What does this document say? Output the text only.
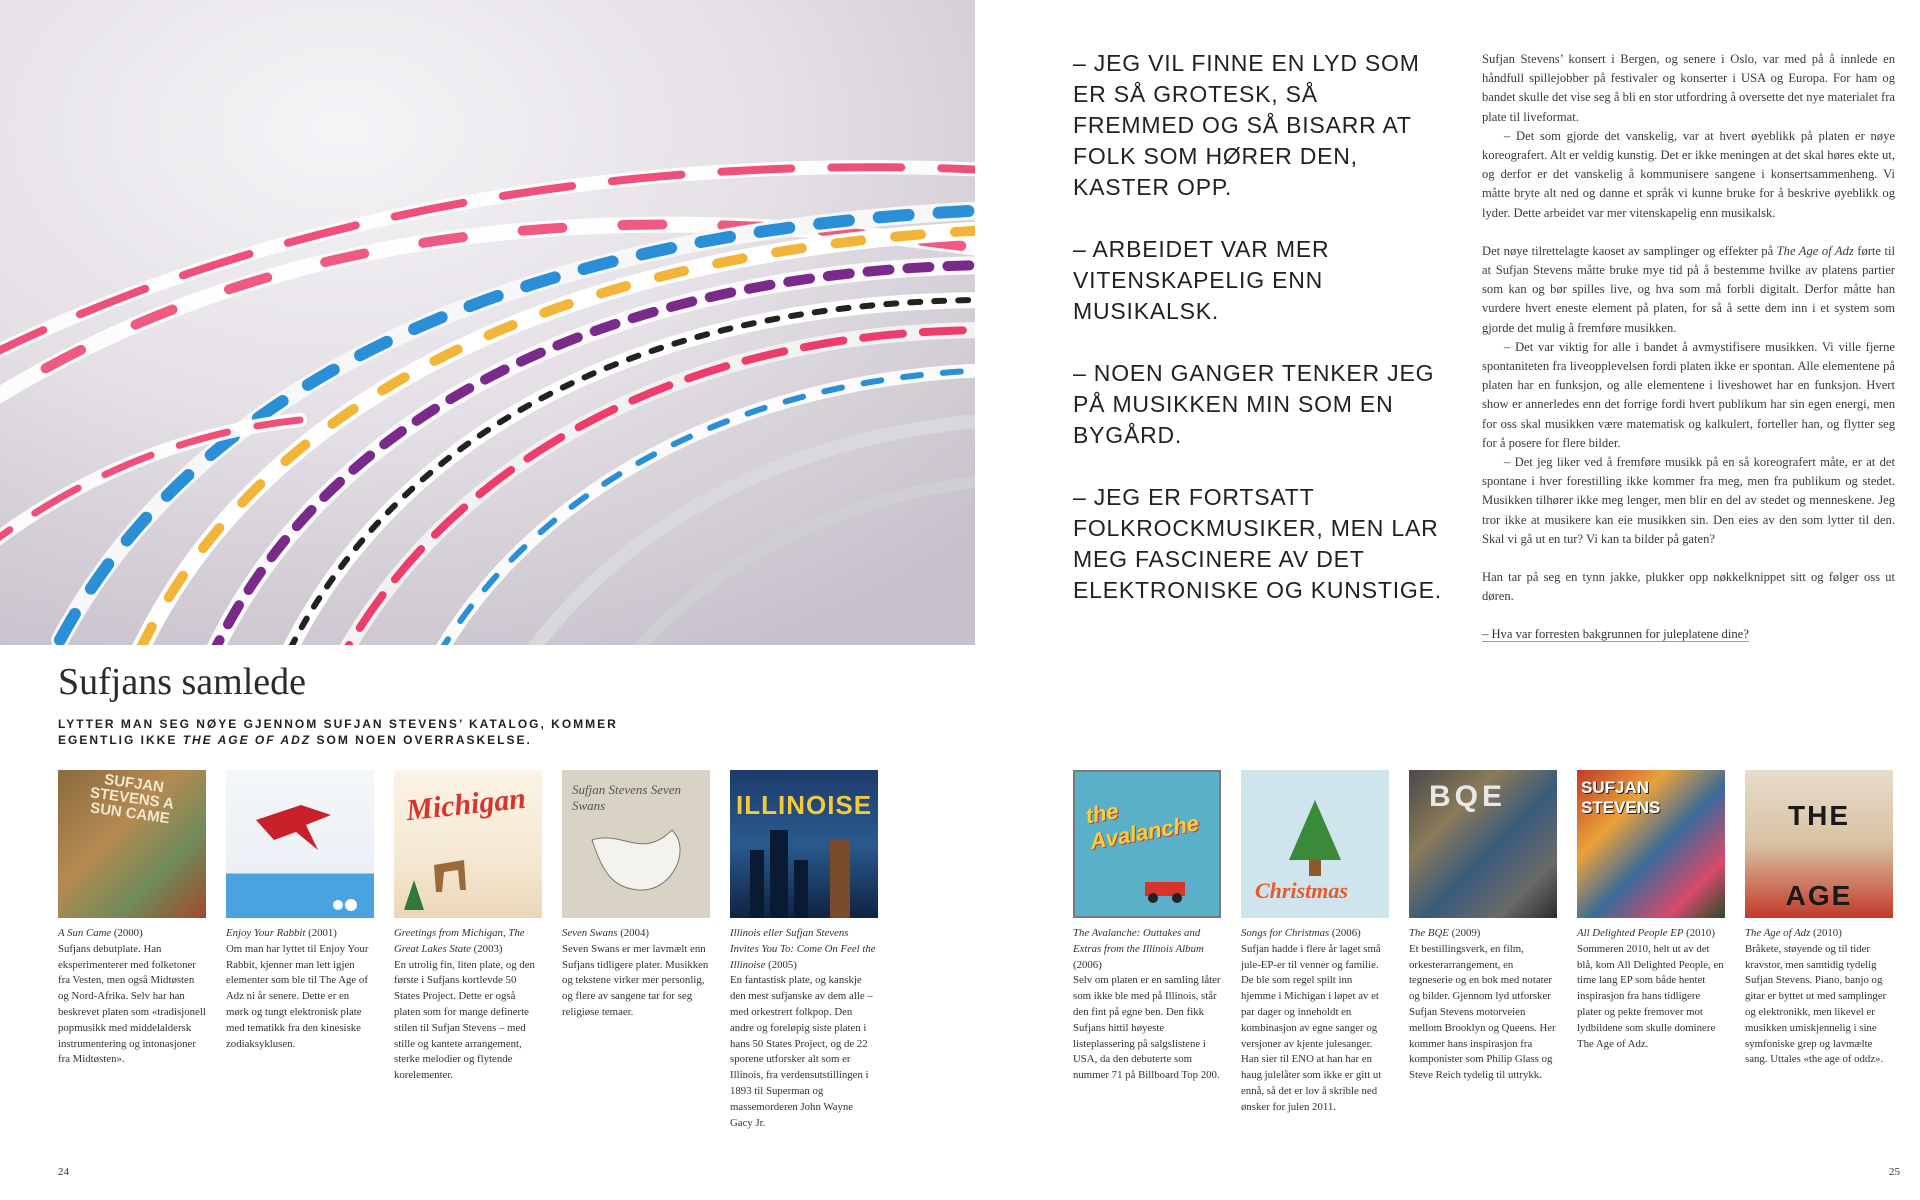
Sufjans samlede
LYTTER MAN SEG NØYE GJENNOM SUFJAN STEVENS’ KATALOG, KOMMER EGENTLIG IKKE THE AGE OF ADZ SOM NOEN OVERRASKELSE.
SUFJAN STEVENS A SUN CAME
A Sun Came (2000)
Sufjans debutplate. Han eksperimenterer med folketoner fra Vesten, men også Midtøsten og Nord-Afrika. Selv har han beskrevet platen som «tradisjonell popmusikk med middelaldersk instrumentering og intonasjoner fra Midtøsten».
Enjoy Your Rabbit (2001)
Om man har lyttet til Enjoy Your Rabbit, kjenner man lett igjen elementer som ble til The Age of Adz ni år senere. Dette er en mørk og tungt elektronisk plate med tematikk fra den kinesiske zodiaksyklusen.
Michigan
Greetings from Michigan, The Great Lakes State (2003)
En utrolig fin, liten plate, og den første i Sufjans kortlevde 50 States Project. Dette er også platen som for mange definerte stilen til Sufjan Stevens – med stille og kantete arrangement, sterke melodier og flytende korelementer.
Sufjan Stevens Seven Swans
Seven Swans (2004)
Seven Swans er mer lavmælt enn Sufjans tidligere plater. Musikken og tekstene virker mer personlig, og flere av sangene tar for seg religiøse temaer.
ILLINOISE
Illinois eller Sufjan Stevens Invites You To: Come On Feel the Illinoise (2005)
En fantastisk plate, og kanskje den mest sufjanske av dem alle – med orkestrert folkpop. Den andre og foreløpig siste platen i hans 50 States Project, og de 22 sporene utforsker alt som er Illinois, fra verdensutstillingen i 1893 til Superman og massemorderen John Wayne Gacy Jr.
24

– JEG VIL FINNE EN LYD SOM ER SÅ GROTESK, SÅ FREMMED OG SÅ BISARR AT FOLK SOM HØRER DEN, KASTER OPP.

– ARBEIDET VAR MER VITENSKAPELIG ENN MUSIKALSK.

– NOEN GANGER TENKER JEG PÅ MUSIKKEN MIN SOM EN BYGÅRD.

– JEG ER FORTSATT FOLKROCKMUSIKER, MEN LAR MEG FASCINERE AV DET ELEKTRONISKE OG KUNSTIGE.

Sufjan Stevens’ konsert i Bergen, og senere i Oslo, var med på å innlede en håndfull spillejobber på festivaler og konserter i USA og Europa. For ham og bandet skulle det vise seg å bli en stor utfordring å oversette det nye materialet fra plate til liveformat.

– Det som gjorde det vanskelig, var at hvert øyeblikk på platen er nøye koreografert. Alt er veldig kunstig. Det er ikke meningen at det skal høres ekte ut, og derfor er det vanskelig å kommunisere sangene i konsertsammenheng. Vi måtte bryte alt ned og danne et språk vi kunne bruke for å beskrive øyeblikk og lyder. Dette arbeidet var mer vitenskapelig enn musikalsk.

Det nøye tilrettelagte kaoset av samplinger og effekter på The Age of Adz førte til at Sufjan Stevens måtte bruke mye tid på å bestemme hvilke av platens partier som kan og bør spilles live, og hva som må forbli digitalt. Derfor måtte han vurdere hvert eneste element på platen, for så å sette dem inn i et system som gjorde det mulig å fremføre musikken.

– Det var viktig for alle i bandet å avmystifisere musikken. Vi ville fjerne spontaniteten fra liveopplevelsen fordi platen ikke er spontan. Alle elementene på platen har en funksjon, og alle elementene i liveshowet har en funksjon. Hvert show er annerledes enn det forrige fordi hvert publikum har sin egen energi, men for oss skal musikken være matematisk og kalkulert, forteller han, og flytter seg for å posere for flere bilder.

– Det jeg liker ved å fremføre musikk på en så koreografert måte, er at det spontane i hver forestilling ikke kommer fra meg, men fra publikum og stedet. Musikken tilhører ikke meg lenger, men blir en del av stedet og menneskene. Jeg tror ikke at musikere kan eie musikken sin. Den eies av den som lytter til den. Skal vi gå ut en tur? Vi kan ta bilder på gaten?

Han tar på seg en tynn jakke, plukker opp nøkkelknippet sitt og følger oss ut døren.

– Hva var forresten bakgrunnen for juleplatene dine?

the Avalanche
The Avalanche: Outtakes and Extras from the Illinois Album (2006)
Selv om platen er en samling låter som ikke ble med på Illinois, står den fint på egne ben. Den fikk Sufjans hittil høyeste listeplassering på salgslistene i USA, da den debuterte som nummer 71 på Billboard Top 200.
Christmas
Songs for Christmas (2006)
Sufjan hadde i flere år laget små jule-EP-er til venner og familie. De ble som regel spilt inn hjemme i Michigan i løpet av et par dager og inneholdt en kombinasjon av egne sanger og versjoner av kjente julesanger. Han sier til ENO at han har en haug julelåter som ikke er gitt ut ennå, så det er lov å skrible ned ønsker for julen 2011.
BQE
The BQE (2009)
Et bestillingsverk, en film, orkesterarrangement, en tegneserie og en bok med notater og bilder. Gjennom lyd utforsker Sufjan Stevens motorveien mellom Brooklyn og Queens. Her kommer hans inspirasjon fra komponister som Philip Glass og Steve Reich tydelig til uttrykk.
SUFJAN STEVENS
All Delighted People EP (2010)
Sommeren 2010, helt ut av det blå, kom All Delighted People, en time lang EP som både hentet inspirasjon fra hans tidligere plater og pekte fremover mot lydbildene som skulle dominere The Age of Adz.
THE AGE
The Age of Adz (2010)
Bråkete, støyende og til tider kravstor, men samtidig tydelig Sufjan Stevens. Piano, banjo og gitar er byttet ut med samplinger og elektronikk, men likevel er musikken umiskjennelig i sine symfoniske grep og lavmælte sang. Uttales «the age of oddz».
25
